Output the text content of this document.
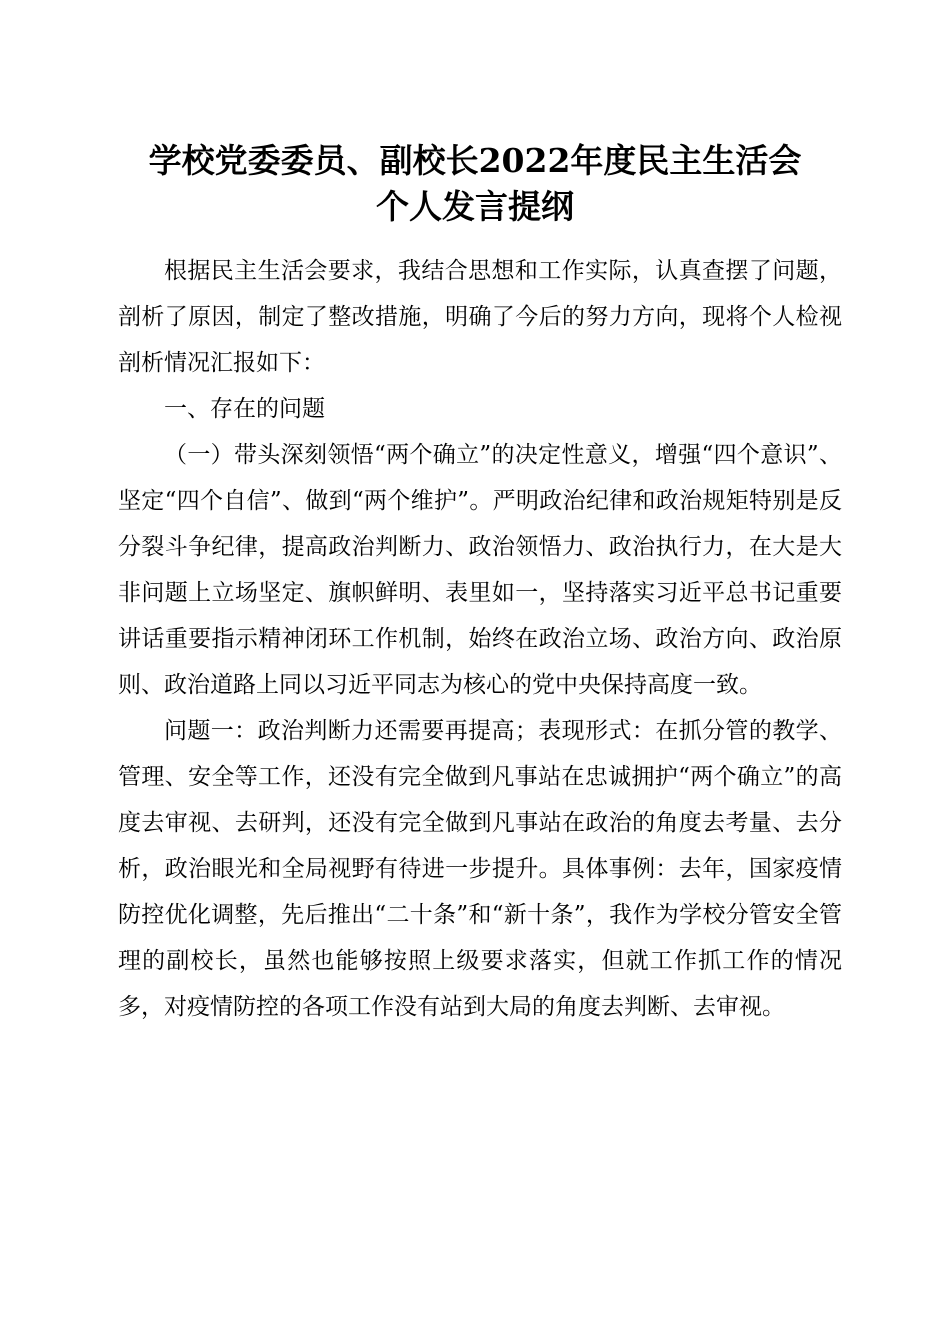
学校党委委员、副校长2022年度民主生活会
个人发言提纲

根据民主生活会要求，我结合思想和工作实际，认真查摆了问题，剖析了原因，制定了整改措施，明确了今后的努力方向，现将个人检视剖析情况汇报如下：

一、存在的问题

（一）带头深刻领悟“两个确立”的决定性意义，增强“四个意识”、坚定“四个自信”、做到“两个维护”。严明政治纪律和政治规矩特别是反分裂斗争纪律，提高政治判断力、政治领悟力、政治执行力，在大是大非问题上立场坚定、旗帜鲜明、表里如一，坚持落实习近平总书记重要讲话重要指示精神闭环工作机制，始终在政治立场、政治方向、政治原则、政治道路上同以习近平同志为核心的党中央保持高度一致。

问题一：政治判断力还需要再提高；表现形式：在抓分管的教学、管理、安全等工作，还没有完全做到凡事站在忠诚拥护“两个确立”的高度去审视、去研判，还没有完全做到凡事站在政治的角度去考量、去分析，政治眼光和全局视野有待进一步提升。具体事例：去年，国家疫情防控优化调整，先后推出“二十条”和“新十条”，我作为学校分管安全管理的副校长，虽然也能够按照上级要求落实，但就工作抓工作的情况多，对疫情防控的各项工作没有站到大局的角度去判断、去审视。
